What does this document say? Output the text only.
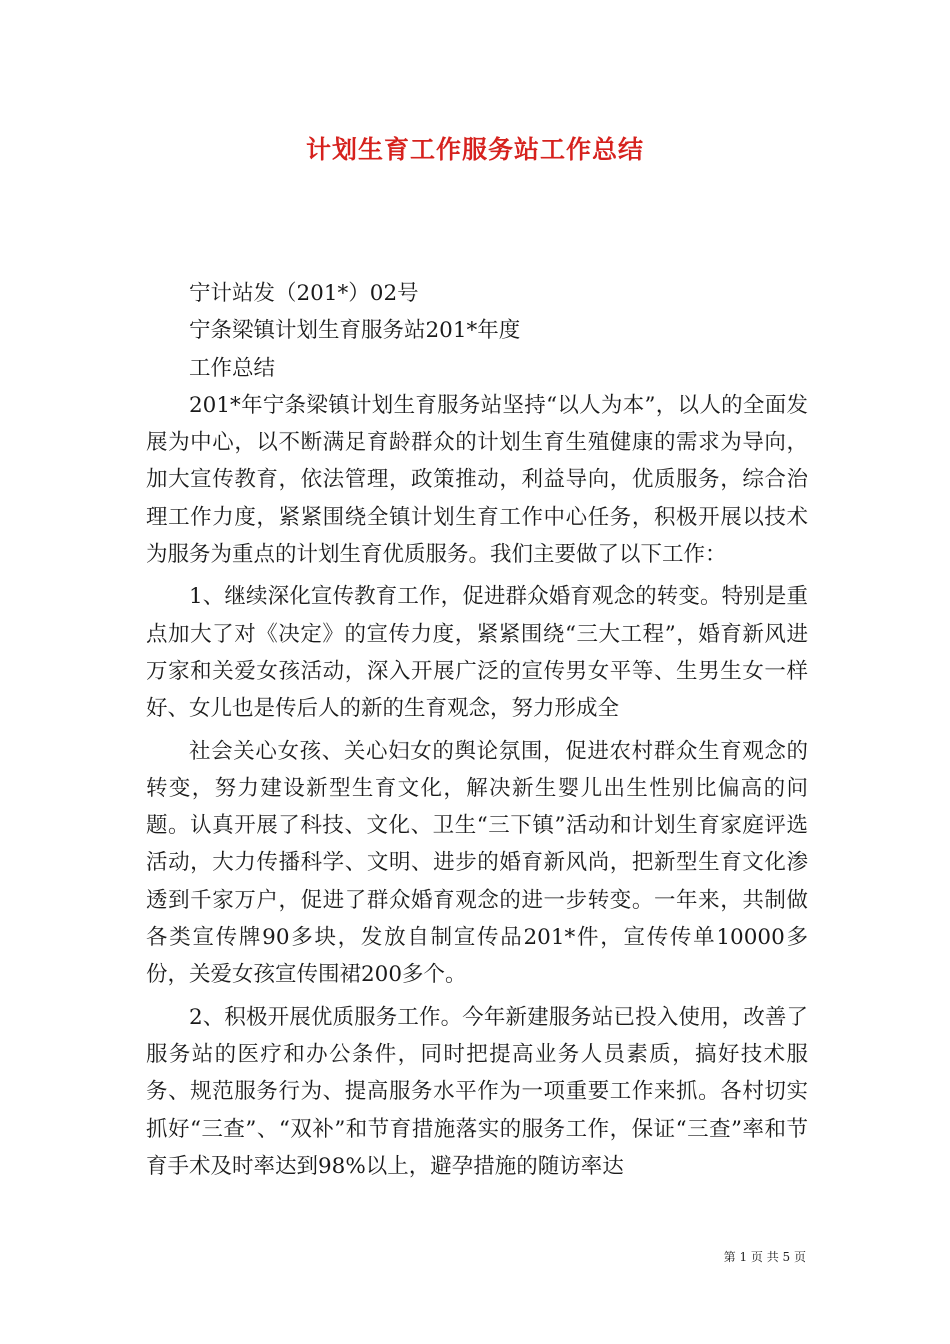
计划生育工作服务站工作总结

宁计站发（201*）02号

宁条梁镇计划生育服务站201*年度

工作总结

201*年宁条梁镇计划生育服务站坚持“以人为本”，以人的全面发展为中心，以不断满足育龄群众的计划生育生殖健康的需求为导向，加大宣传教育，依法管理，政策推动，利益导向，优质服务，综合治理工作力度，紧紧围绕全镇计划生育工作中心任务，积极开展以技术为服务为重点的计划生育优质服务。我们主要做了以下工作：

1、继续深化宣传教育工作，促进群众婚育观念的转变。特别是重点加大了对《决定》的宣传力度，紧紧围绕“三大工程”，婚育新风进万家和关爱女孩活动，深入开展广泛的宣传男女平等、生男生女一样好、女儿也是传后人的新的生育观念，努力形成全

社会关心女孩、关心妇女的舆论氛围，促进农村群众生育观念的转变，努力建设新型生育文化，解决新生婴儿出生性别比偏高的问题。认真开展了科技、文化、卫生“三下镇”活动和计划生育家庭评选活动，大力传播科学、文明、进步的婚育新风尚，把新型生育文化渗透到千家万户，促进了群众婚育观念的进一步转变。一年来，共制做各类宣传牌90多块，发放自制宣传品201*件，宣传传单10000多份，关爱女孩宣传围裙200多个。

2、积极开展优质服务工作。今年新建服务站已投入使用，改善了服务站的医疗和办公条件，同时把提高业务人员素质，搞好技术服务、规范服务行为、提高服务水平作为一项重要工作来抓。各村切实抓好“三查”、“双补”和节育措施落实的服务工作，保证“三查”率和节育手术及时率达到98%以上，避孕措施的随访率达

第 1 页 共 5 页
